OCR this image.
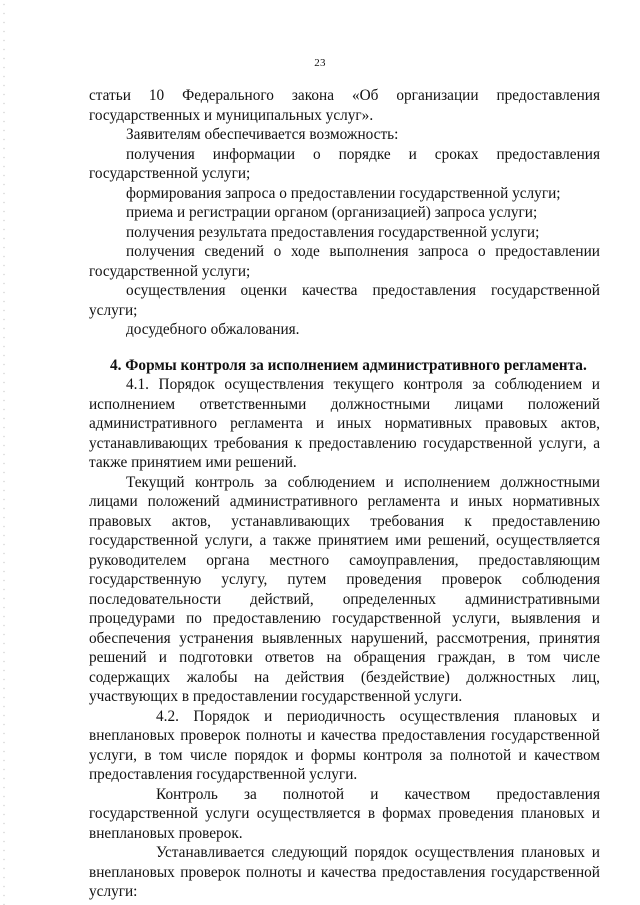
23

статьи 10 Федерального закона «Об организации предоставления государственных и муниципальных услуг».

Заявителям обеспечивается возможность:

получения информации о порядке и сроках предоставления государственной услуги;

формирования запроса о предоставлении государственной услуги;

приема и регистрации органом (организацией) запроса услуги;

получения результата предоставления государственной услуги;

получения сведений о ходе выполнения запроса о предоставлении государственной услуги;

осуществления оценки качества предоставления государственной услуги;

досудебного обжалования.

4. Формы контроля за исполнением административного регламента.

4.1. Порядок осуществления текущего контроля за соблюдением и исполнением ответственными должностными лицами положений административного регламента и иных нормативных правовых актов, устанавливающих требования к предоставлению государственной услуги, а также принятием ими решений.

Текущий контроль за соблюдением и исполнением должностными лицами положений административного регламента и иных нормативных правовых актов, устанавливающих требования к предоставлению государственной услуги, а также принятием ими решений, осуществляется руководителем органа местного самоуправления, предоставляющим государственную услугу, путем проведения проверок соблюдения последовательности действий, определенных административными процедурами по предоставлению государственной услуги, выявления и обеспечения устранения выявленных нарушений, рассмотрения, принятия решений и подготовки ответов на обращения граждан, в том числе содержащих жалобы на действия (бездействие) должностных лиц, участвующих в предоставлении государственной услуги.

4.2. Порядок и периодичность осуществления плановых и внеплановых проверок полноты и качества предоставления государственной услуги, в том числе порядок и формы контроля за полнотой и качеством предоставления государственной услуги.

Контроль за полнотой и качеством предоставления государственной услуги осуществляется в формах проведения плановых и внеплановых проверок.

Устанавливается следующий порядок осуществления плановых и внеплановых проверок полноты и качества предоставления государственной услуги:
